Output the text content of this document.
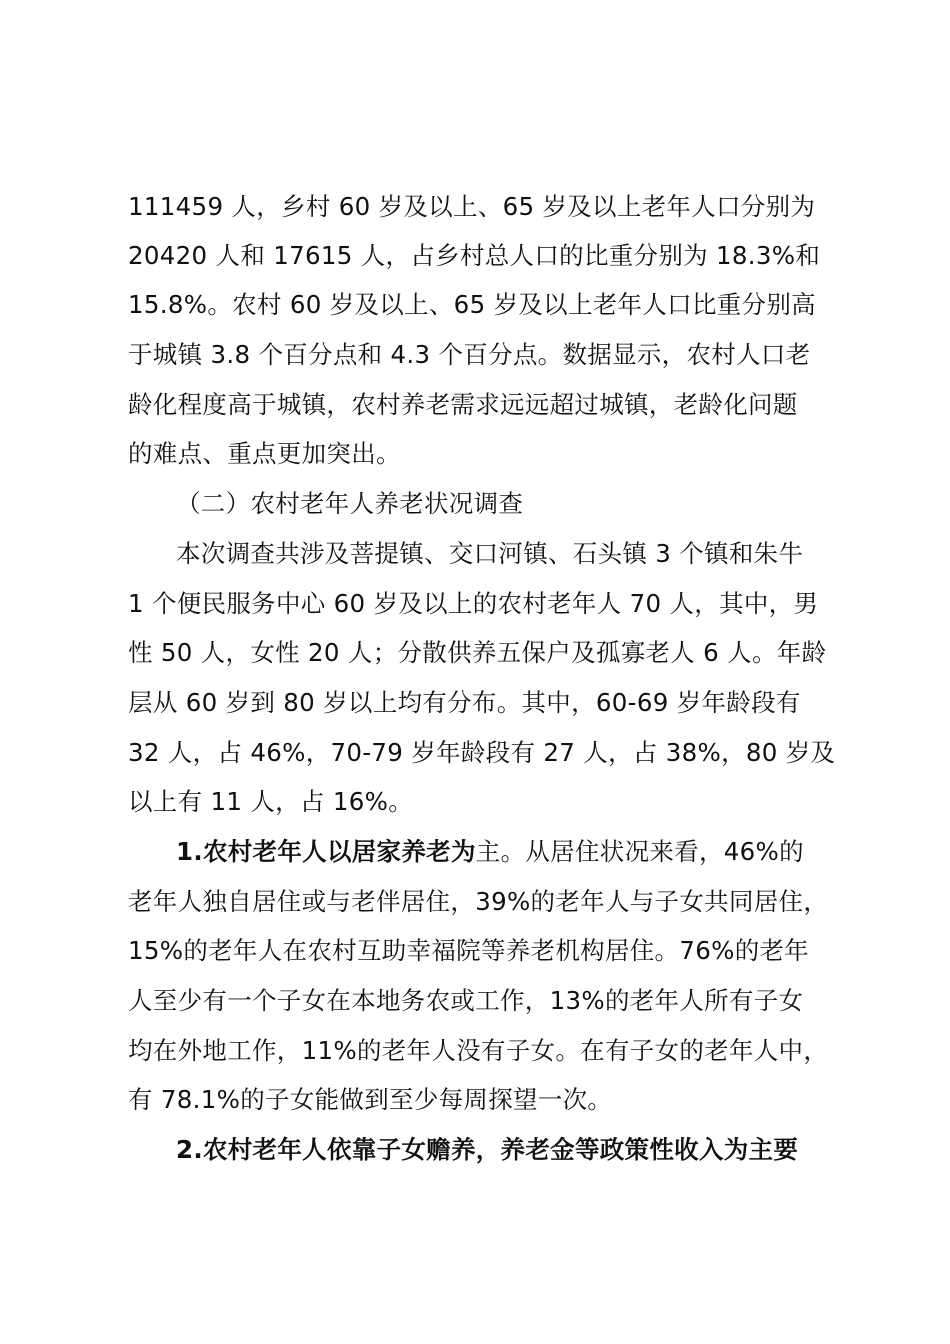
111459 人，乡村 60 岁及以上、65 岁及以上老年人口分别为
20420 人和 17615 人，占乡村总人口的比重分别为 18.3%和
15.8%。农村 60 岁及以上、65 岁及以上老年人口比重分别高
于城镇 3.8 个百分点和 4.3 个百分点。数据显示，农村人口老
龄化程度高于城镇，农村养老需求远远超过城镇，老龄化问题
的难点、重点更加突出。
（二）农村老年人养老状况调查
本次调查共涉及菩提镇、交口河镇、石头镇 3 个镇和朱牛
1 个便民服务中心 60 岁及以上的农村老年人 70 人，其中，男
性 50 人，女性 20 人；分散供养五保户及孤寡老人 6 人。年龄
层从 60 岁到 80 岁以上均有分布。其中，60-69 岁年龄段有
32 人，占 46%，70-79 岁年龄段有 27 人，占 38%，80 岁及
以上有 11 人，占 16%。
1.农村老年人以居家养老为主。从居住状况来看，46%的
老年人独自居住或与老伴居住，39%的老年人与子女共同居住，
15%的老年人在农村互助幸福院等养老机构居住。76%的老年
人至少有一个子女在本地务农或工作，13%的老年人所有子女
均在外地工作，11%的老年人没有子女。在有子女的老年人中，
有 78.1%的子女能做到至少每周探望一次。
2.农村老年人依靠子女赡养，养老金等政策性收入为主要
